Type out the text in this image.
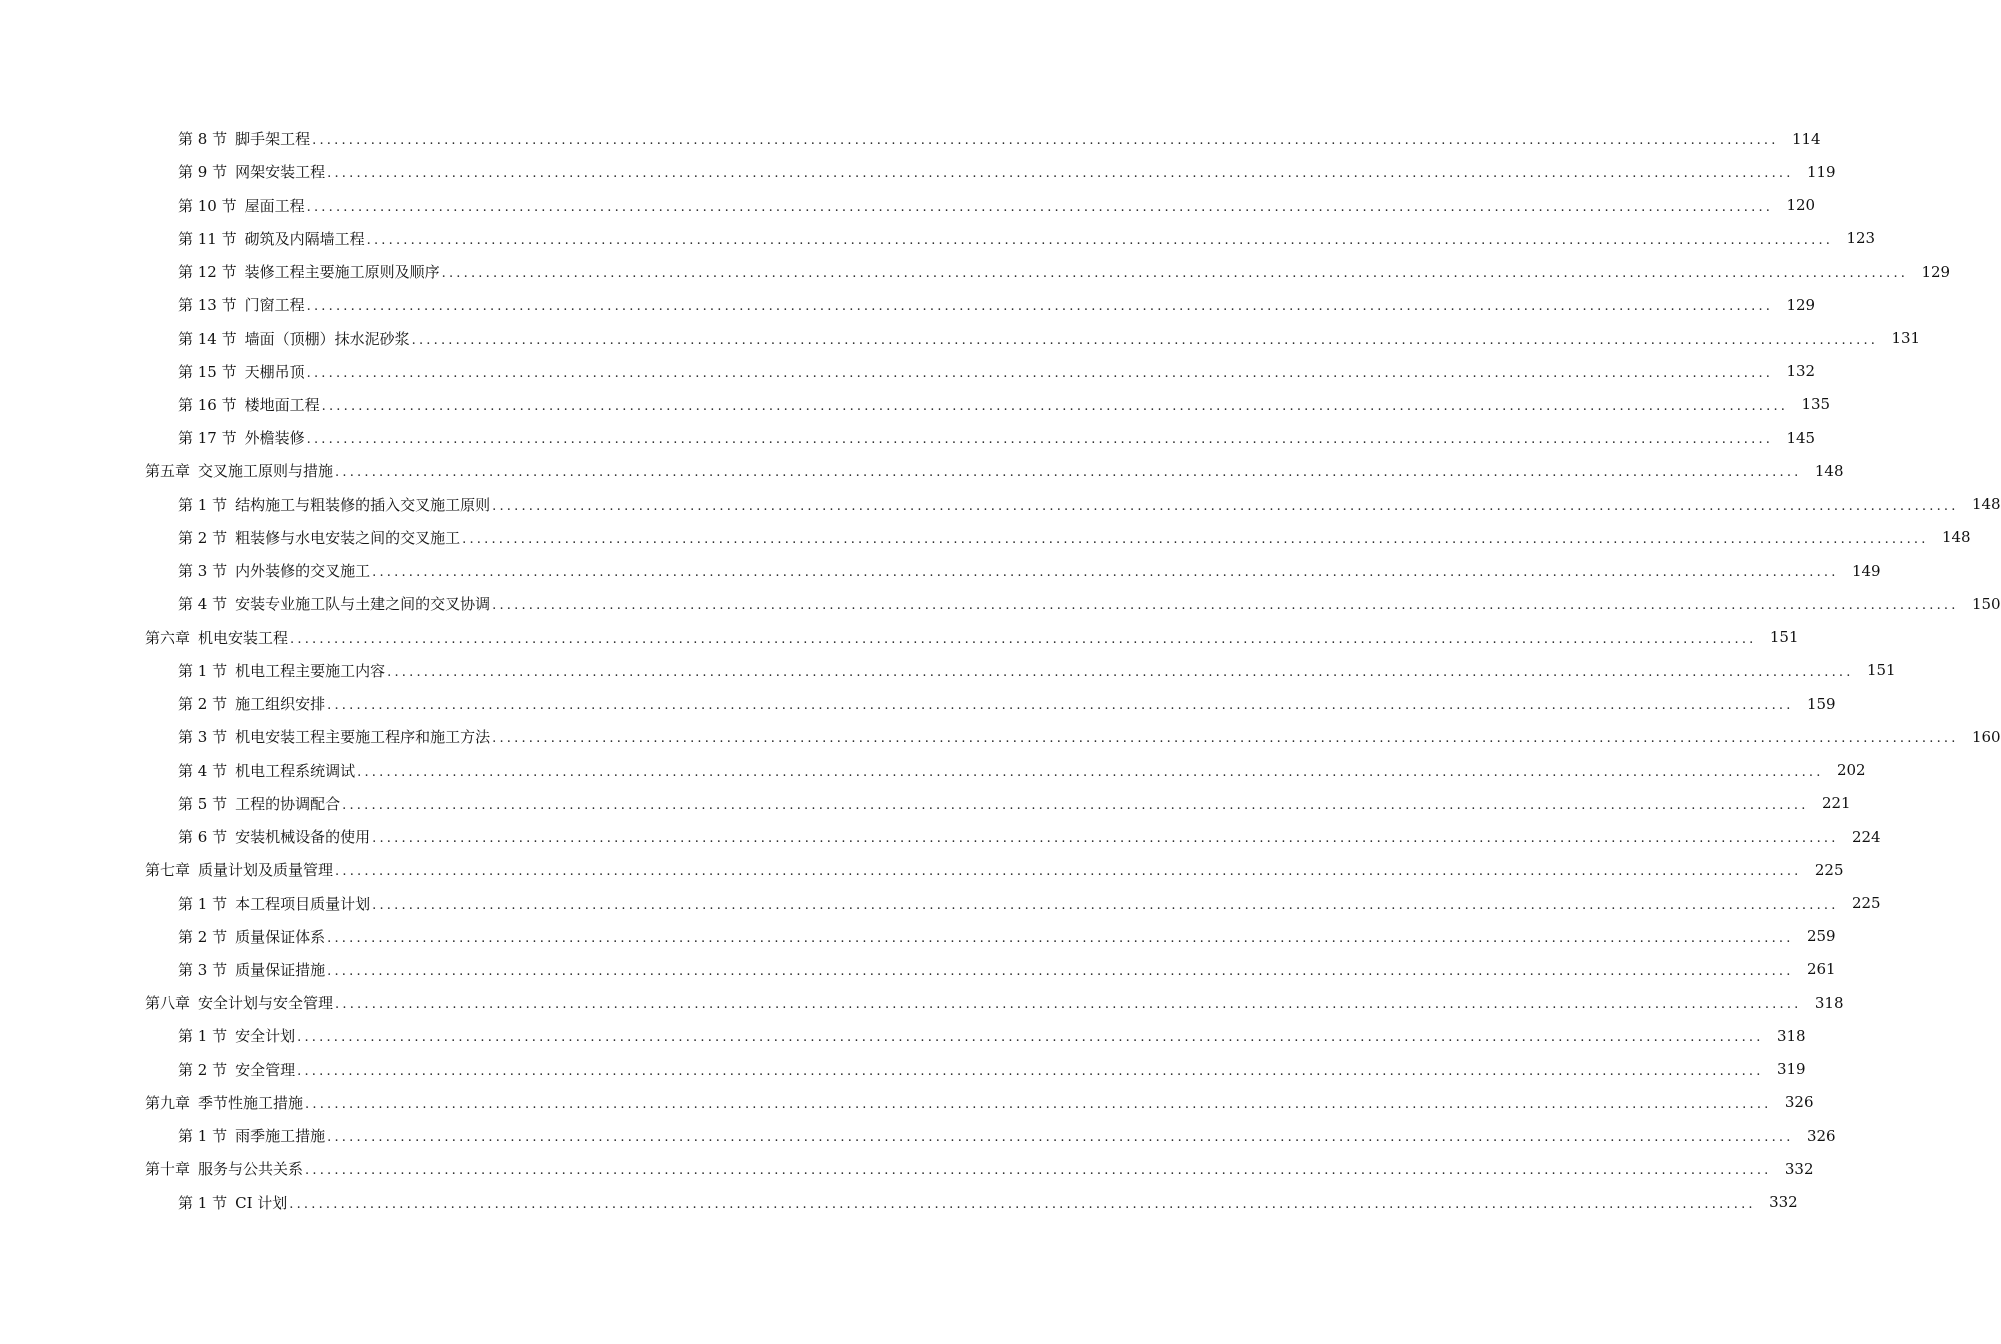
第 8 节 脚手架工程 ........................................................................................................................................................................................................ 114
第 9 节 网架安装工程 ........................................................................................................................................................................................................ 119
第 10 节 屋面工程 ........................................................................................................................................................................................................ 120
第 11 节 砌筑及内隔墙工程 ........................................................................................................................................................................................................ 123
第 12 节 装修工程主要施工原则及顺序 ........................................................................................................................................................................................................ 129
第 13 节 门窗工程 ........................................................................................................................................................................................................ 129
第 14 节 墙面（顶棚）抹水泥砂浆 ........................................................................................................................................................................................................ 131
第 15 节 天棚吊顶 ........................................................................................................................................................................................................ 132
第 16 节 楼地面工程 ........................................................................................................................................................................................................ 135
第 17 节 外檐装修 ........................................................................................................................................................................................................ 145
第五章 交叉施工原则与措施 ........................................................................................................................................................................................................ 148
第 1 节 结构施工与粗装修的插入交叉施工原则 ........................................................................................................................................................................................................ 148
第 2 节 粗装修与水电安装之间的交叉施工 ........................................................................................................................................................................................................ 148
第 3 节 内外装修的交叉施工 ........................................................................................................................................................................................................ 149
第 4 节 安装专业施工队与土建之间的交叉协调 ........................................................................................................................................................................................................ 150
第六章 机电安装工程 ........................................................................................................................................................................................................ 151
第 1 节 机电工程主要施工内容 ........................................................................................................................................................................................................ 151
第 2 节 施工组织安排 ........................................................................................................................................................................................................ 159
第 3 节 机电安装工程主要施工程序和施工方法 ........................................................................................................................................................................................................ 160
第 4 节 机电工程系统调试 ........................................................................................................................................................................................................ 202
第 5 节 工程的协调配合 ........................................................................................................................................................................................................ 221
第 6 节 安装机械设备的使用 ........................................................................................................................................................................................................ 224
第七章 质量计划及质量管理 ........................................................................................................................................................................................................ 225
第 1 节 本工程项目质量计划 ........................................................................................................................................................................................................ 225
第 2 节 质量保证体系 ........................................................................................................................................................................................................ 259
第 3 节 质量保证措施 ........................................................................................................................................................................................................ 261
第八章 安全计划与安全管理 ........................................................................................................................................................................................................ 318
第 1 节 安全计划 ........................................................................................................................................................................................................ 318
第 2 节 安全管理 ........................................................................................................................................................................................................ 319
第九章 季节性施工措施 ........................................................................................................................................................................................................ 326
第 1 节 雨季施工措施 ........................................................................................................................................................................................................ 326
第十章 服务与公共关系 ........................................................................................................................................................................................................ 332
第 1 节 CI 计划 ........................................................................................................................................................................................................ 332
